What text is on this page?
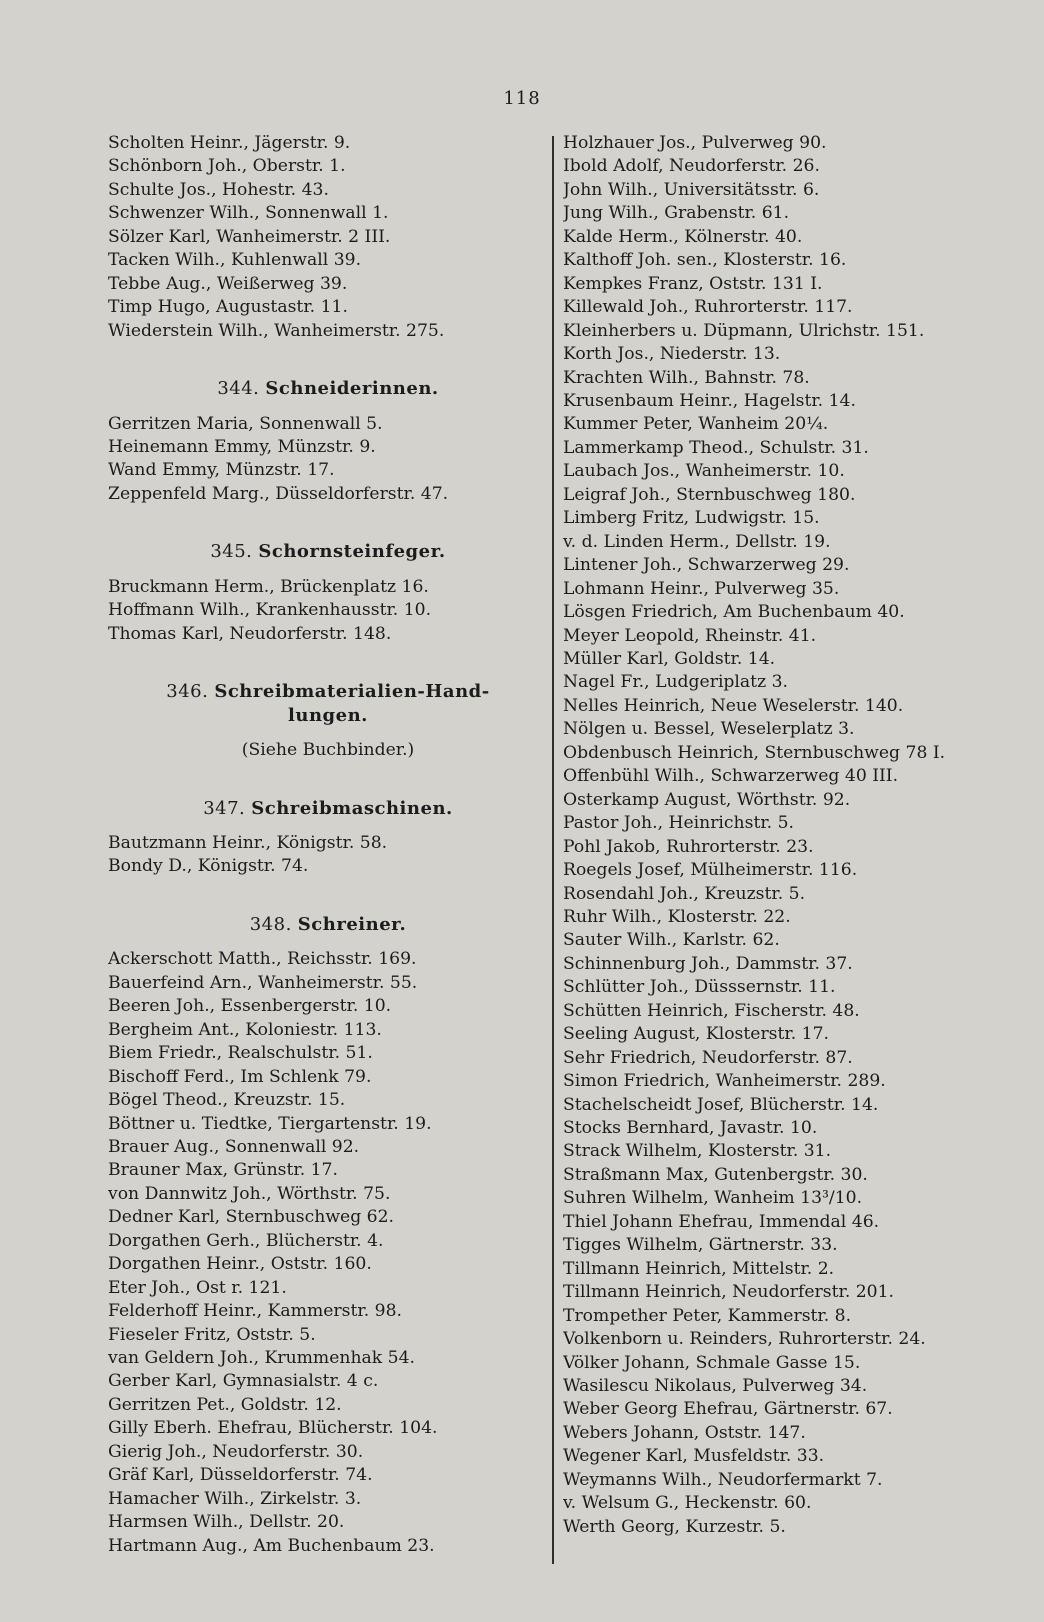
118
Scholten Heinr., Jägerstr. 9.
Schönborn Joh., Oberstr. 1.
Schulte Jos., Hohestr. 43.
Schwenzer Wilh., Sonnenwall 1.
Sölzer Karl, Wanheimerstr. 2 III.
Tacken Wilh., Kuhlenwall 39.
Tebbe Aug., Weißerweg 39.
Timp Hugo, Augustastr. 11.
Wiederstein Wilh., Wanheimerstr. 275.
344. Schneiderinnen.
Gerritzen Maria, Sonnenwall 5.
Heinemann Emmy, Münzstr. 9.
Wand Emmy, Münzstr. 17.
Zeppenfeld Marg., Düsseldorferstr. 47.
345. Schornsteinfeger.
Bruckmann Herm., Brückenplatz 16.
Hoffmann Wilh., Krankenhausstr. 10.
Thomas Karl, Neudorferstr. 148.
346. Schreibmaterialien-Hand-
lungen.
(Siehe Buchbinder.)
347. Schreibmaschinen.
Bautzmann Heinr., Königstr. 58.
Bondy D., Königstr. 74.
348. Schreiner.
Ackerschott Matth., Reichsstr. 169.
Bauerfeind Arn., Wanheimerstr. 55.
Beeren Joh., Essenbergerstr. 10.
Bergheim Ant., Koloniestr. 113.
Biem Friedr., Realschulstr. 51.
Bischoff Ferd., Im Schlenk 79.
Bögel Theod., Kreuzstr. 15.
Böttner u. Tiedtke, Tiergartenstr. 19.
Brauer Aug., Sonnenwall 92.
Brauner Max, Grünstr. 17.
von Dannwitz Joh., Wörthstr. 75.
Dedner Karl, Sternbuschweg 62.
Dorgathen Gerh., Blücherstr. 4.
Dorgathen Heinr., Oststr. 160.
Eter Joh., Ost r. 121.
Felderhoff Heinr., Kammerstr. 98.
Fieseler Fritz, Oststr. 5.
van Geldern Joh., Krummenhak 54.
Gerber Karl, Gymnasialstr. 4 c.
Gerritzen Pet., Goldstr. 12.
Gilly Eberh. Ehefrau, Blücherstr. 104.
Gierig Joh., Neudorferstr. 30.
Gräf Karl, Düsseldorferstr. 74.
Hamacher Wilh., Zirkelstr. 3.
Harmsen Wilh., Dellstr. 20.
Hartmann Aug., Am Buchenbaum 23.
Holzhauer Jos., Pulverweg 90.
Ibold Adolf, Neudorferstr. 26.
John Wilh., Universitätsstr. 6.
Jung Wilh., Grabenstr. 61.
Kalde Herm., Kölnerstr. 40.
Kalthoff Joh. sen., Klosterstr. 16.
Kempkes Franz, Oststr. 131 I.
Killewald Joh., Ruhrorterstr. 117.
Kleinherbers u. Düpmann, Ulrichstr. 151.
Korth Jos., Niederstr. 13.
Krachten Wilh., Bahnstr. 78.
Krusenbaum Heinr., Hagelstr. 14.
Kummer Peter, Wanheim 20¼.
Lammerkamp Theod., Schulstr. 31.
Laubach Jos., Wanheimerstr. 10.
Leigraf Joh., Sternbuschweg 180.
Limberg Fritz, Ludwigstr. 15.
v. d. Linden Herm., Dellstr. 19.
Lintener Joh., Schwarzerweg 29.
Lohmann Heinr., Pulverweg 35.
Lösgen Friedrich, Am Buchenbaum 40.
Meyer Leopold, Rheinstr. 41.
Müller Karl, Goldstr. 14.
Nagel Fr., Ludgeriplatz 3.
Nelles Heinrich, Neue Weselerstr. 140.
Nölgen u. Bessel, Weselerplatz 3.
Obdenbusch Heinrich, Sternbuschweg 78 I.
Offenbühl Wilh., Schwarzerweg 40 III.
Osterkamp August, Wörthstr. 92.
Pastor Joh., Heinrichstr. 5.
Pohl Jakob, Ruhrorterstr. 23.
Roegels Josef, Mülheimerstr. 116.
Rosendahl Joh., Kreuzstr. 5.
Ruhr Wilh., Klosterstr. 22.
Sauter Wilh., Karlstr. 62.
Schinnenburg Joh., Dammstr. 37.
Schlütter Joh., Düsssernstr. 11.
Schütten Heinrich, Fischerstr. 48.
Seeling August, Klosterstr. 17.
Sehr Friedrich, Neudorferstr. 87.
Simon Friedrich, Wanheimerstr. 289.
Stachelscheidt Josef, Blücherstr. 14.
Stocks Bernhard, Javastr. 10.
Strack Wilhelm, Klosterstr. 31.
Straßmann Max, Gutenbergstr. 30.
Suhren Wilhelm, Wanheim 13³/10.
Thiel Johann Ehefrau, Immendal 46.
Tigges Wilhelm, Gärtnerstr. 33.
Tillmann Heinrich, Mittelstr. 2.
Tillmann Heinrich, Neudorferstr. 201.
Trompether Peter, Kammerstr. 8.
Volkenborn u. Reinders, Ruhrorterstr. 24.
Völker Johann, Schmale Gasse 15.
Wasilescu Nikolaus, Pulverweg 34.
Weber Georg Ehefrau, Gärtnerstr. 67.
Webers Johann, Oststr. 147.
Wegener Karl, Musfeldstr. 33.
Weymanns Wilh., Neudorfermarkt 7.
v. Welsum G., Heckenstr. 60.
Werth Georg, Kurzestr. 5.
